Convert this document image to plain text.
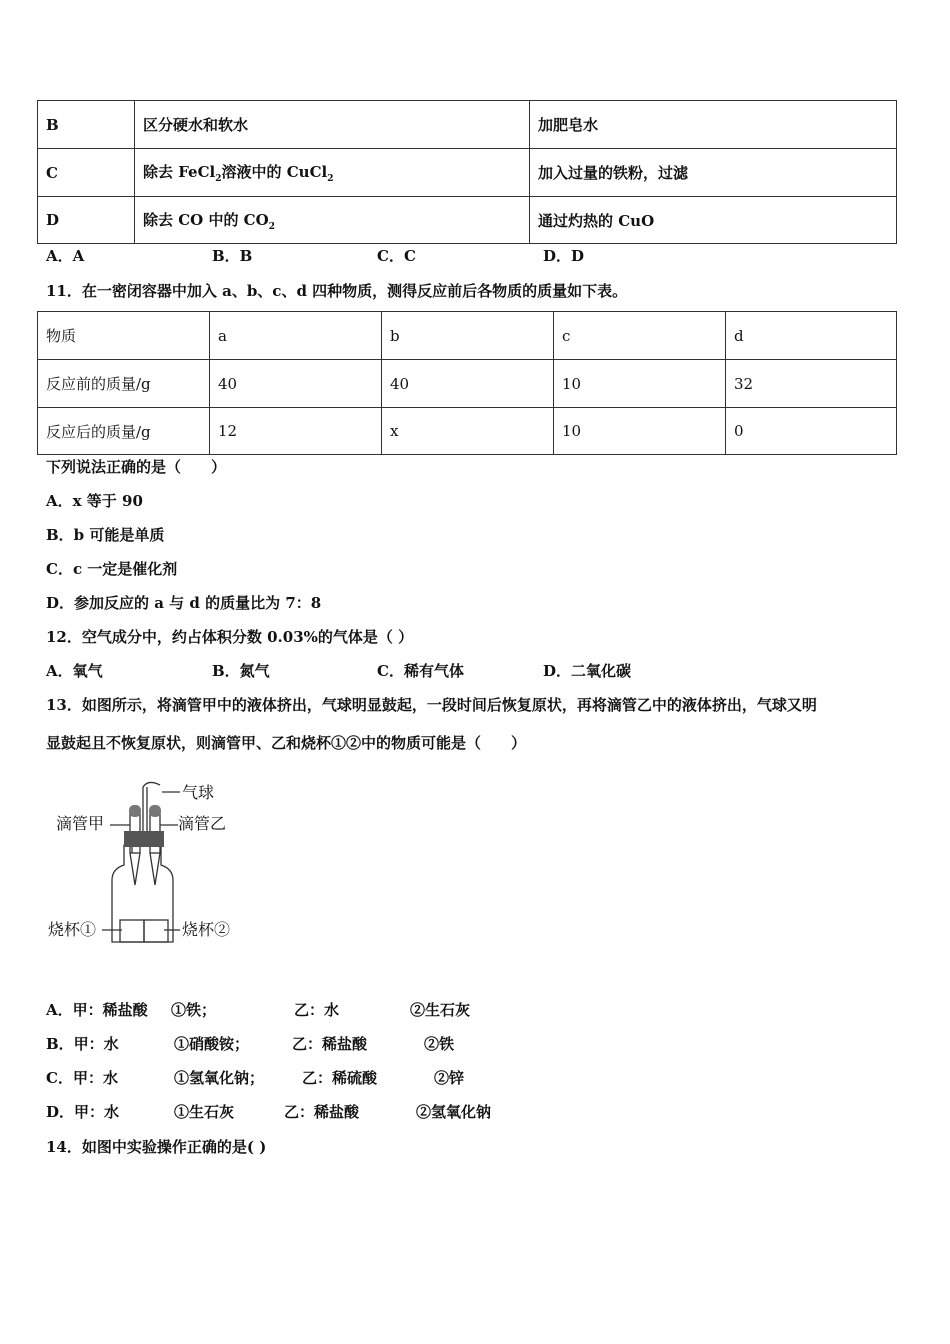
B	区分硬水和软水	加肥皂水
C	除去 FeCl$_2$溶液中的 CuCl$_2$	加入过量的铁粉，过滤
D	除去 CO 中的 $CO_2$	通过灼热的 CuO
A．A	B．B	C．C	D．D
11．在一密闭容器中加入 a、b、c、d 四种物质，测得反应前后各物质的质量如下表。
物质	a	b	c	d
反应前的质量/g	40	40	10	32
反应后的质量/g	12	x	10	0
下列说法正确的是（　　）
A．x 等于 90
B．b 可能是单质
C．c 一定是催化剂
D．参加反应的 a 与 d 的质量比为 7：8
12．空气成分中，约占体积分数 0.03%的气体是（ ）
A．氧气	B．氮气	C．稀有气体	D．二氧化碳
13．如图所示，将滴管甲中的液体挤出，气球明显鼓起，一段时间后恢复原状，再将滴管乙中的液体挤出，气球又明
显鼓起且不恢复原状，则滴管甲、乙和烧杯①②中的物质可能是（　　）
气球
滴管甲	滴管乙
烧杯①	烧杯②
A．甲：稀盐酸 ①铁；	乙：水	②生石灰
B．甲：水	①硝酸铵；	乙：稀盐酸	②铁
C．甲：水	①氢氧化钠；	乙：稀硫酸	②锌
D．甲：水	①生石灰	乙：稀盐酸	②氢氧化钠
14．如图中实验操作正确的是( )
